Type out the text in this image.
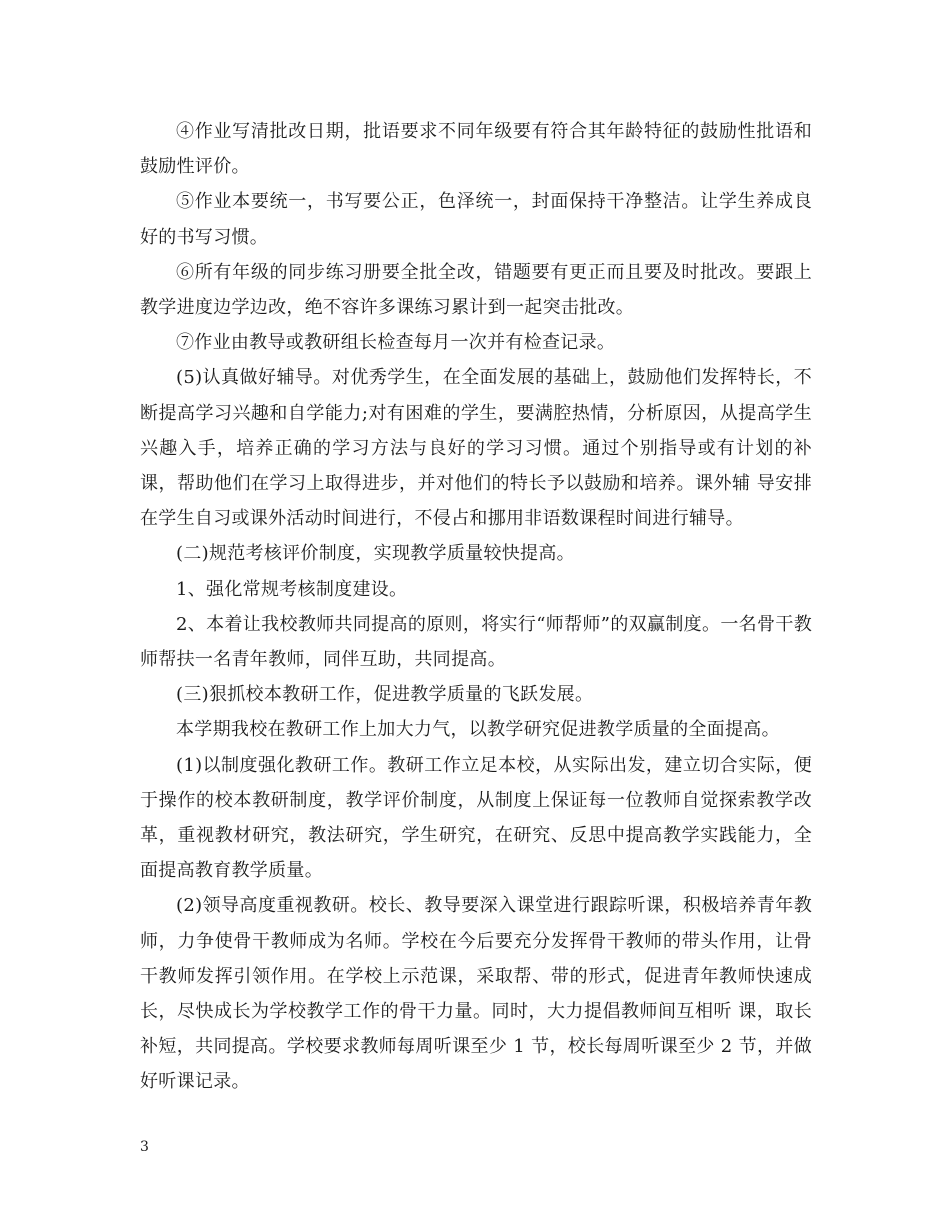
④作业写清批改日期，批语要求不同年级要有符合其年龄特征的鼓励性批语和鼓励性评价。

⑤作业本要统一，书写要公正，色泽统一，封面保持干净整洁。让学生养成良好的书写习惯。

⑥所有年级的同步练习册要全批全改，错题要有更正而且要及时批改。要跟上教学进度边学边改，绝不容许多课练习累计到一起突击批改。

⑦作业由教导或教研组长检查每月一次并有检查记录。

(5)认真做好辅导。对优秀学生，在全面发展的基础上，鼓励他们发挥特长，不断提高学习兴趣和自学能力;对有困难的学生，要满腔热情，分析原因，从提高学生兴趣入手，培养正确的学习方法与良好的学习习惯。通过个别指导或有计划的补课，帮助他们在学习上取得进步，并对他们的特长予以鼓励和培养。课外辅 导安排在学生自习或课外活动时间进行，不侵占和挪用非语数课程时间进行辅导。

(二)规范考核评价制度，实现教学质量较快提高。

1、强化常规考核制度建设。

2、本着让我校教师共同提高的原则，将实行“师帮师”的双赢制度。一名骨干教师帮扶一名青年教师，同伴互助，共同提高。

(三)狠抓校本教研工作，促进教学质量的飞跃发展。

本学期我校在教研工作上加大力气，以教学研究促进教学质量的全面提高。

(1)以制度强化教研工作。教研工作立足本校，从实际出发，建立切合实际，便于操作的校本教研制度，教学评价制度，从制度上保证每一位教师自觉探索教学改革，重视教材研究，教法研究，学生研究，在研究、反思中提高教学实践能力，全面提高教育教学质量。

(2)领导高度重视教研。校长、教导要深入课堂进行跟踪听课，积极培养青年教师，力争使骨干教师成为名师。学校在今后要充分发挥骨干教师的带头作用，让骨干教师发挥引领作用。在学校上示范课，采取帮、带的形式，促进青年教师快速成长，尽快成长为学校教学工作的骨干力量。同时，大力提倡教师间互相听 课，取长补短，共同提高。学校要求教师每周听课至少 1 节，校长每周听课至少 2 节，并做好听课记录。

3
